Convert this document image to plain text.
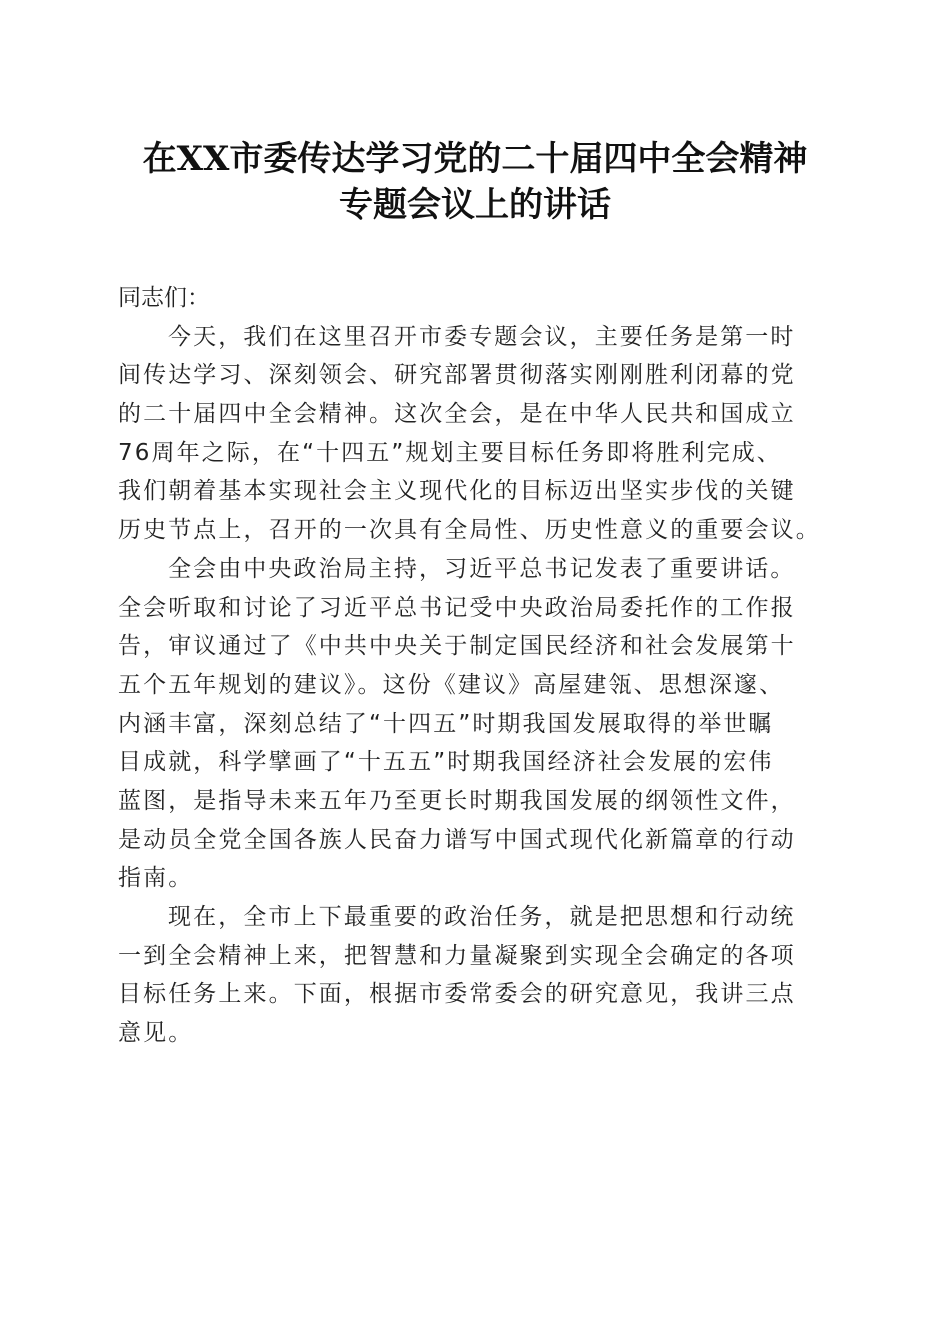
在XX市委传达学习党的二十届四中全会精神
专题会议上的讲话
同志们：
今天，我们在这里召开市委专题会议，主要任务是第一时
间传达学习、深刻领会、研究部署贯彻落实刚刚胜利闭幕的党
的二十届四中全会精神。这次全会，是在中华人民共和国成立
76周年之际，在“十四五”规划主要目标任务即将胜利完成、
我们朝着基本实现社会主义现代化的目标迈出坚实步伐的关键
历史节点上，召开的一次具有全局性、历史性意义的重要会议。
全会由中央政治局主持，习近平总书记发表了重要讲话。
全会听取和讨论了习近平总书记受中央政治局委托作的工作报
告，审议通过了《中共中央关于制定国民经济和社会发展第十
五个五年规划的建议》。这份《建议》高屋建瓴、思想深邃、
内涵丰富，深刻总结了“十四五”时期我国发展取得的举世瞩
目成就，科学擘画了“十五五”时期我国经济社会发展的宏伟
蓝图，是指导未来五年乃至更长时期我国发展的纲领性文件，
是动员全党全国各族人民奋力谱写中国式现代化新篇章的行动
指南。
现在，全市上下最重要的政治任务，就是把思想和行动统
一到全会精神上来，把智慧和力量凝聚到实现全会确定的各项
目标任务上来。下面，根据市委常委会的研究意见，我讲三点
意见。
